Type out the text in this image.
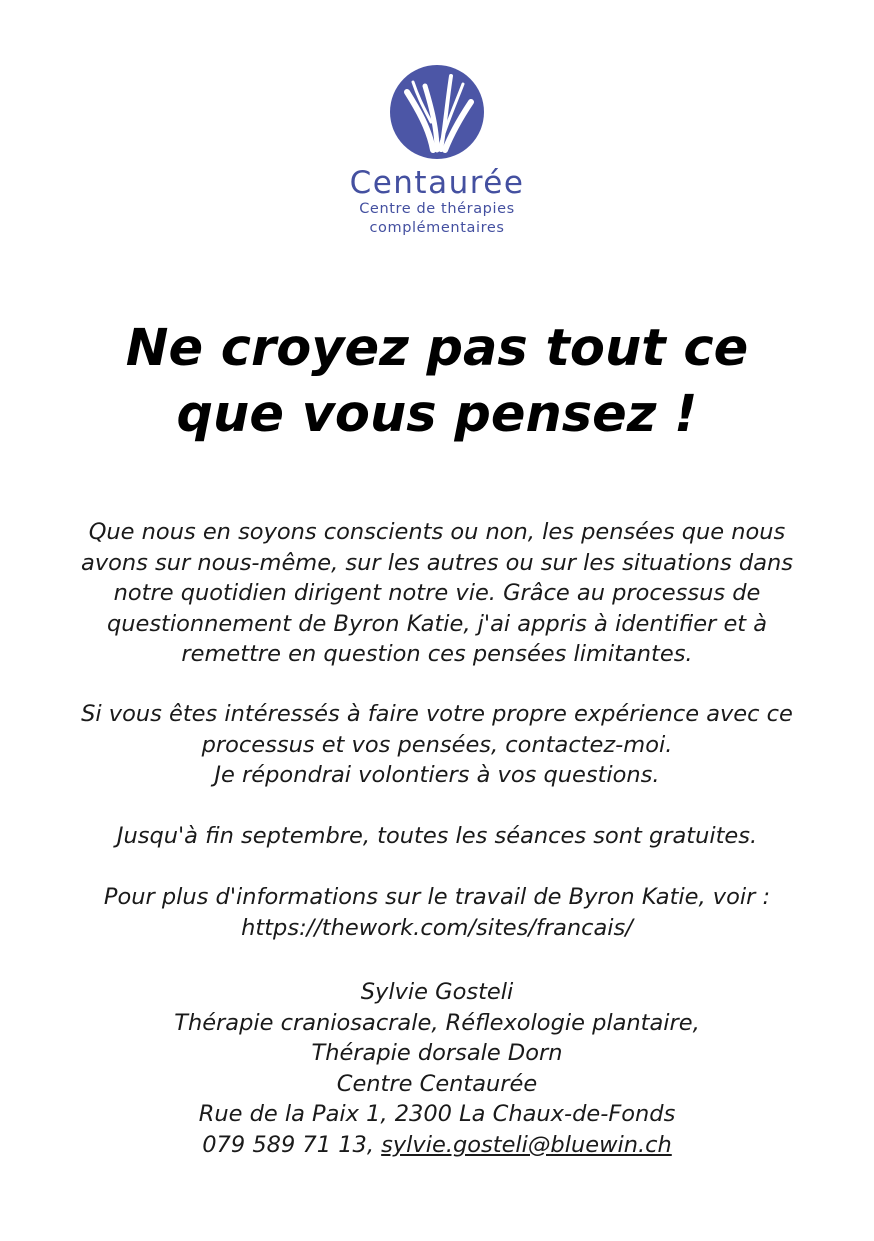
Centaurée
Centre de thérapies
complémentaires
Ne croyez pas tout ce
que vous pensez !

Que nous en soyons conscients ou non, les pensées que nous
avons sur nous-même, sur les autres ou sur les situations dans
notre quotidien dirigent notre vie. Grâce au processus de
questionnement de Byron Katie, j'ai appris à identifier et à
remettre en question ces pensées limitantes.

Si vous êtes intéressés à faire votre propre expérience avec ce
processus et vos pensées, contactez-moi.
Je répondrai volontiers à vos questions.

Jusqu'à fin septembre, toutes les séances sont gratuites.

Pour plus d'informations sur le travail de Byron Katie, voir :
https://thework.com/sites/francais/

Sylvie Gosteli
Thérapie craniosacrale, Réflexologie plantaire,
Thérapie dorsale Dorn
Centre Centaurée
Rue de la Paix 1, 2300 La Chaux-de-Fonds
079 589 71 13, sylvie.gosteli@bluewin.ch
